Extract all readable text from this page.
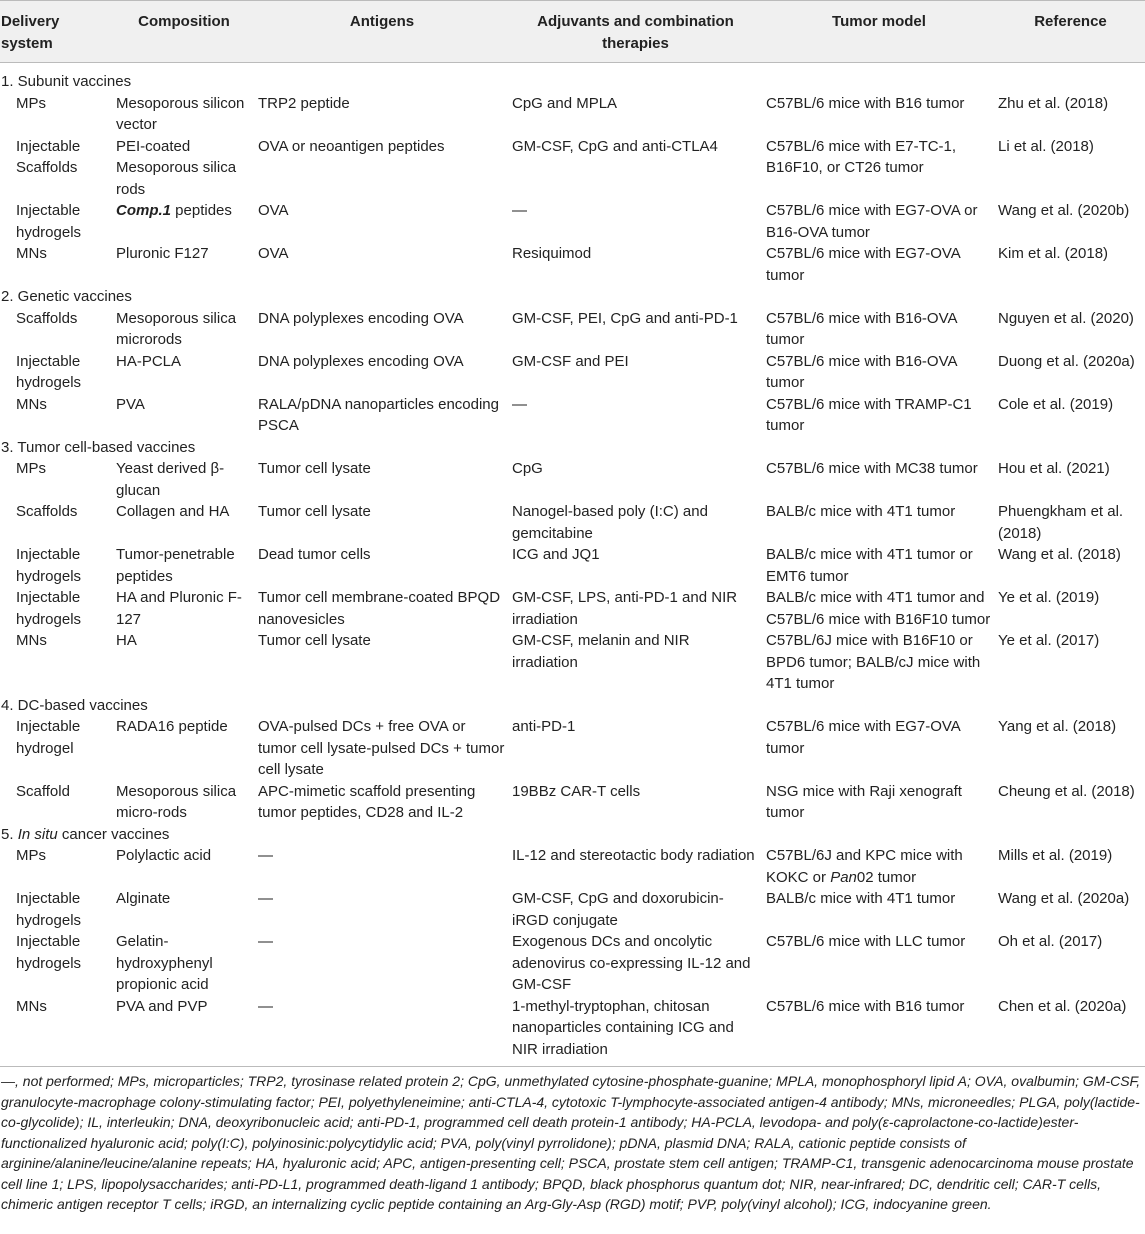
Delivery system	Composition	Antigens	Adjuvants and combination therapies	Tumor model	Reference
1. Subunit vaccines					
MPs	Mesoporous silicon vector	TRP2 peptide	CpG and MPLA	C57BL/6 mice with B16 tumor	Zhu et al. (2018)
Injectable Scaffolds	PEI-coated Mesoporous silica rods	OVA or neoantigen peptides	GM-CSF, CpG and anti-CTLA4	C57BL/6 mice with E7-TC-1, B16F10, or CT26 tumor	Li et al. (2018)
Injectable hydrogels	Comp.1 peptides	OVA	—	C57BL/6 mice with EG7-OVA or B16-OVA tumor	Wang et al. (2020b)
MNs	Pluronic F127	OVA	Resiquimod	C57BL/6 mice with EG7-OVA tumor	Kim et al. (2018)
2. Genetic vaccines					
Scaffolds	Mesoporous silica microrods	DNA polyplexes encoding OVA	GM-CSF, PEI, CpG and anti-PD-1	C57BL/6 mice with B16-OVA tumor	Nguyen et al. (2020)
Injectable hydrogels	HA-PCLA	DNA polyplexes encoding OVA	GM-CSF and PEI	C57BL/6 mice with B16-OVA tumor	Duong et al. (2020a)
MNs	PVA	RALA/pDNA nanoparticles encoding PSCA	—	C57BL/6 mice with TRAMP-C1 tumor	Cole et al. (2019)
3. Tumor cell-based vaccines					
MPs	Yeast derived β-glucan	Tumor cell lysate	CpG	C57BL/6 mice with MC38 tumor	Hou et al. (2021)
Scaffolds	Collagen and HA	Tumor cell lysate	Nanogel-based poly (I:C) and gemcitabine	BALB/c mice with 4T1 tumor	Phuengkham et al. (2018)
Injectable hydrogels	Tumor-penetrable peptides	Dead tumor cells	ICG and JQ1	BALB/c mice with 4T1 tumor or EMT6 tumor	Wang et al. (2018)
Injectable hydrogels	HA and Pluronic F-127	Tumor cell membrane-coated BPQD nanovesicles	GM-CSF, LPS, anti-PD-1 and NIR irradiation	BALB/c mice with 4T1 tumor and C57BL/6 mice with B16F10 tumor	Ye et al. (2019)
MNs	HA	Tumor cell lysate	GM-CSF, melanin and NIR irradiation	C57BL/6J mice with B16F10 or BPD6 tumor; BALB/cJ mice with 4T1 tumor	Ye et al. (2017)
4. DC-based vaccines					
Injectable hydrogel	RADA16 peptide	OVA-pulsed DCs + free OVA or tumor cell lysate-pulsed DCs + tumor cell lysate	anti-PD-1	C57BL/6 mice with EG7-OVA tumor	Yang et al. (2018)
Scaffold	Mesoporous silica micro-rods	APC-mimetic scaffold presenting tumor peptides, CD28 and IL-2	19BBz CAR-T cells	NSG mice with Raji xenograft tumor	Cheung et al. (2018)
5. In situ cancer vaccines					
MPs	Polylactic acid	—	IL-12 and stereotactic body radiation	C57BL/6J and KPC mice with KOKC or Pan02 tumor	Mills et al. (2019)
Injectable hydrogels	Alginate	—	GM-CSF, CpG and doxorubicin-iRGD conjugate	BALB/c mice with 4T1 tumor	Wang et al. (2020a)
Injectable hydrogels	Gelatin-hydroxyphenyl propionic acid	—	Exogenous DCs and oncolytic adenovirus co-expressing IL-12 and GM-CSF	C57BL/6 mice with LLC tumor	Oh et al. (2017)
MNs	PVA and PVP	—	1-methyl-tryptophan, chitosan nanoparticles containing ICG and NIR irradiation	C57BL/6 mice with B16 tumor	Chen et al. (2020a)
—, not performed; MPs, microparticles; TRP2, tyrosinase related protein 2; CpG, unmethylated cytosine-phosphate-guanine; MPLA, monophosphoryl lipid A; OVA, ovalbumin; GM-CSF, granulocyte-macrophage colony-stimulating factor; PEI, polyethyleneimine; anti-CTLA-4, cytotoxic T-lymphocyte-associated antigen-4 antibody; MNs, microneedles; PLGA, poly(lactide-co-glycolide); IL, interleukin; DNA, deoxyribonucleic acid; anti-PD-1, programmed cell death protein-1 antibody; HA-PCLA, levodopa- and poly(ε-caprolactone-co-lactide)ester-functionalized hyaluronic acid; poly(I:C), polyinosinic:polycytidylic acid; PVA, poly(vinyl pyrrolidone); pDNA, plasmid DNA; RALA, cationic peptide consists of arginine/alanine/leucine/alanine repeats; HA, hyaluronic acid; APC, antigen-presenting cell; PSCA, prostate stem cell antigen; TRAMP-C1, transgenic adenocarcinoma mouse prostate cell line 1; LPS, lipopolysaccharides; anti-PD-L1, programmed death-ligand 1 antibody; BPQD, black phosphorus quantum dot; NIR, near-infrared; DC, dendritic cell; CAR-T cells, chimeric antigen receptor T cells; iRGD, an internalizing cyclic peptide containing an Arg-Gly-Asp (RGD) motif; PVP, poly(vinyl alcohol); ICG, indocyanine green.
